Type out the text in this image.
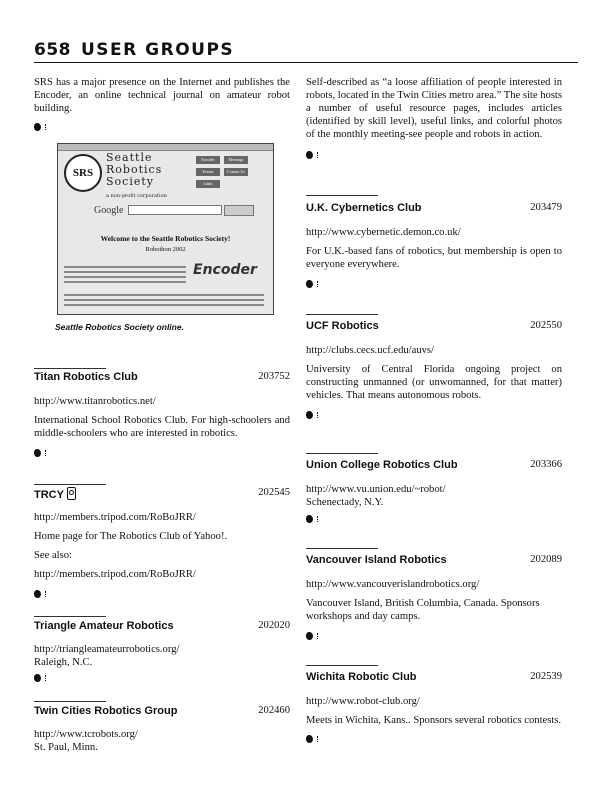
658 USER GROUPS

SRS has a major presence on the Internet and publishes the Encoder, an online technical journal on amateur robot building.

SRS
Seattle
Robotics
Society
a non-profit corporation
Encoder	Meetings
Events	Contact Us
Links
Google
Welcome to the Seattle Robotics Society!
Robothon 2002
Encoder
Seattle Robotics Society online.
Titan Robotics Club	203752

http://www.titanrobotics.net/

International School Robotics Club. For high-schoolers and middle-schoolers who are interested in robotics.

TRCY	202545

http://members.tripod.com/RoBoJRR/

Home page for The Robotics Club of Yahoo!.

See also:

http://members.tripod.com/RoBoJRR/

Triangle Amateur Robotics	202020

http://triangleamateurrobotics.org/

Raleigh, N.C.

Twin Cities Robotics Group	202460

http://www.tcrobots.org/

St. Paul, Minn.

Self-described as “a loose affiliation of people interested in robots, located in the Twin Cities metro area.” The site hosts a number of useful resource pages, includes articles (identified by skill level), useful links, and colorful photos of the monthly meeting-see people and robots in action.

U.K. Cybernetics Club	203479

http://www.cybernetic.demon.co.uk/

For U.K.-based fans of robotics, but membership is open to everyone everywhere.

UCF Robotics	202550

http://clubs.cecs.ucf.edu/auvs/

University of Central Florida ongoing project on constructing unmanned (or unwomanned, for that matter) vehicles. That means autonomous robots.

Union College Robotics Club	203366

http://www.vu.union.edu/~robot/

Schenectady, N.Y.

Vancouver Island Robotics	202089

http://www.vancouverislandrobotics.org/

Vancouver Island, British Columbia, Canada. Sponsors workshops and day camps.

Wichita Robotic Club	202539

http://www.robot-club.org/

Meets in Wichita, Kans.. Sponsors several robotics contests.
